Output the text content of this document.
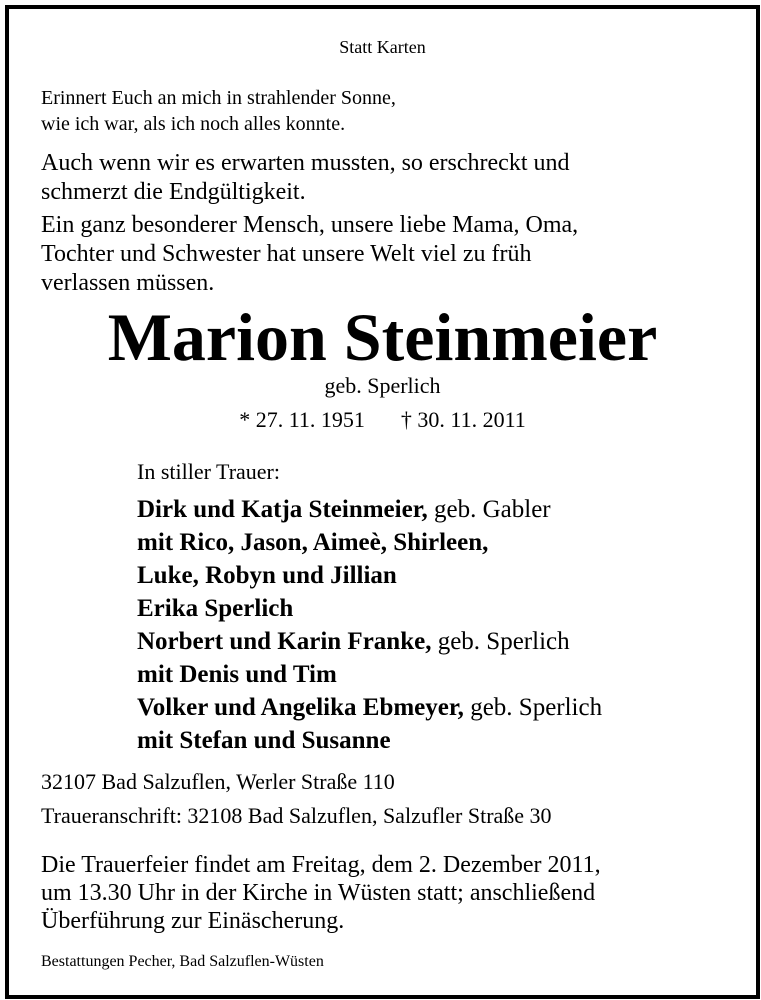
Statt Karten

Erinnert Euch an mich in strahlender Sonne,
wie ich war, als ich noch alles konnte.

Auch wenn wir es erwarten mussten, so erschreckt und
schmerzt die Endgültigkeit.

Ein ganz besonderer Mensch, unsere liebe Mama, Oma,
Tochter und Schwester hat unsere Welt viel zu früh
verlassen müssen.

Marion Steinmeier

geb. Sperlich

* 27. 11. 1951 † 30. 11. 2011

In stiller Trauer:

Dirk und Katja Steinmeier, geb. Gabler
mit Rico, Jason, Aimeè, Shirleen,
Luke, Robyn und Jillian
Erika Sperlich
Norbert und Karin Franke, geb. Sperlich
mit Denis und Tim
Volker und Angelika Ebmeyer, geb. Sperlich
mit Stefan und Susanne

32107 Bad Salzuflen, Werler Straße 110

Traueranschrift: 32108 Bad Salzuflen, Salzufler Straße 30

Die Trauerfeier findet am Freitag, dem 2. Dezember 2011,
um 13.30 Uhr in der Kirche in Wüsten statt; anschließend
Überführung zur Einäscherung.

Bestattungen Pecher, Bad Salzuflen-Wüsten
